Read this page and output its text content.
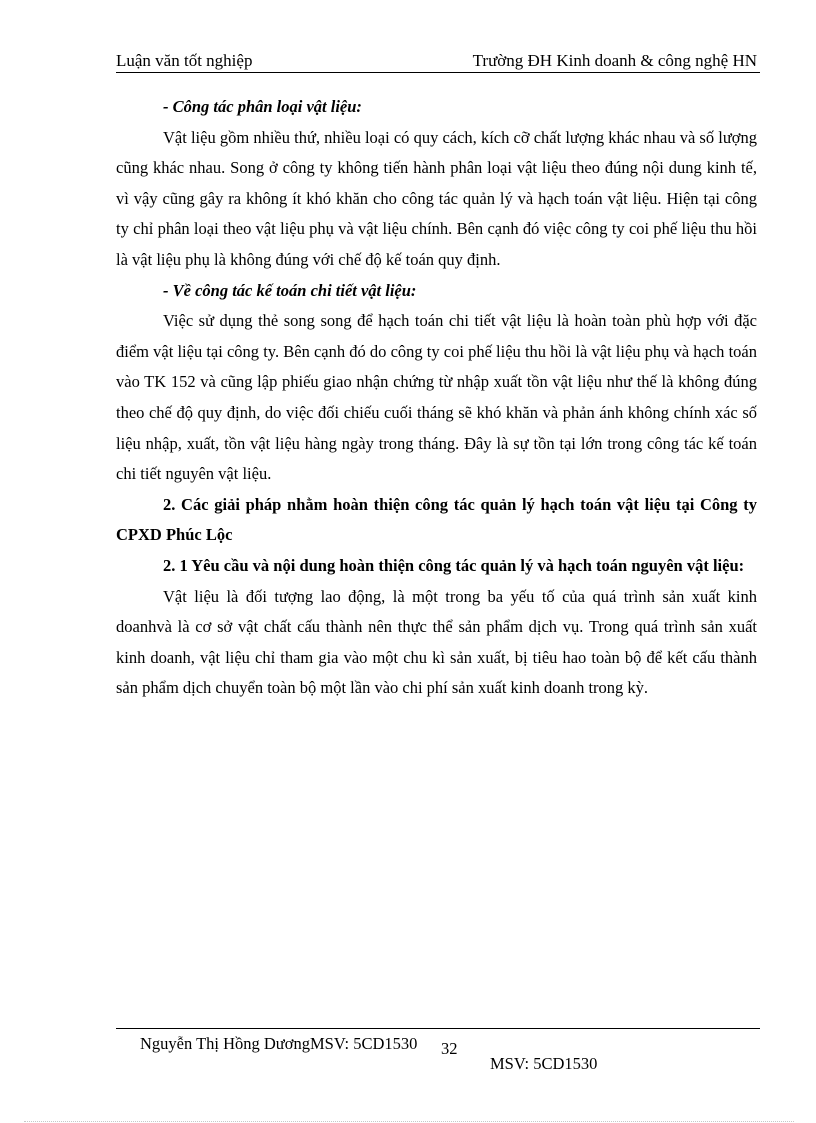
Luận văn tốt nghiệp	Trường ĐH Kinh doanh & công nghệ HN

- Công tác phân loại vật liệu:

Vật liệu gồm nhiều thứ, nhiều loại có quy cách, kích cỡ chất lượng khác nhau và số lượng cũng khác nhau. Song ở công ty không tiến hành phân loại vật liệu theo đúng nội dung kinh tế, vì vậy cũng gây ra không ít khó khăn cho công tác quản lý và hạch toán vật liệu. Hiện tại công ty chỉ phân loại theo vật liệu phụ và vật liệu chính. Bên cạnh đó việc công ty coi phế liệu thu hồi là vật liệu phụ là không đúng với chế độ kế toán quy định.

- Về công tác kế toán chi tiết vật liệu:

Việc sử dụng thẻ song song để hạch toán chi tiết vật liệu là hoàn toàn phù hợp với đặc điểm vật liệu tại công ty. Bên cạnh đó do công ty coi phế liệu thu hồi là vật liệu phụ và hạch toán vào TK 152 và cũng lập phiếu giao nhận chứng từ nhập xuất tồn vật liệu như thế là không đúng theo chế độ quy định, do việc đối chiếu cuối tháng sẽ khó khăn và phản ánh không chính xác số liệu nhập, xuất, tồn vật liệu hàng ngày trong tháng. Đây là sự tồn tại lớn trong công tác kế toán chi tiết nguyên vật liệu.

2. Các giải pháp nhằm hoàn thiện công tác quản lý hạch toán vật liệu tại Công ty CPXD Phúc Lộc

2. 1 Yêu cầu và nội dung hoàn thiện công tác quản lý và hạch toán nguyên vật liệu:

Vật liệu là đối tượng lao động, là một trong ba yếu tố của quá trình sản xuất kinh doanhvà là cơ sở vật chất cấu thành nên thực thể sản phẩm dịch vụ. Trong quá trình sản xuất kinh doanh, vật liệu chỉ tham gia vào một chu kì sản xuất, bị tiêu hao toàn bộ để kết cấu thành sản phẩm dịch chuyển toàn bộ một lần vào chi phí sản xuất kinh doanh trong kỳ.

Nguyễn Thị Hồng DươngMSV: 5CD1530 32
MSV: 5CD1530
